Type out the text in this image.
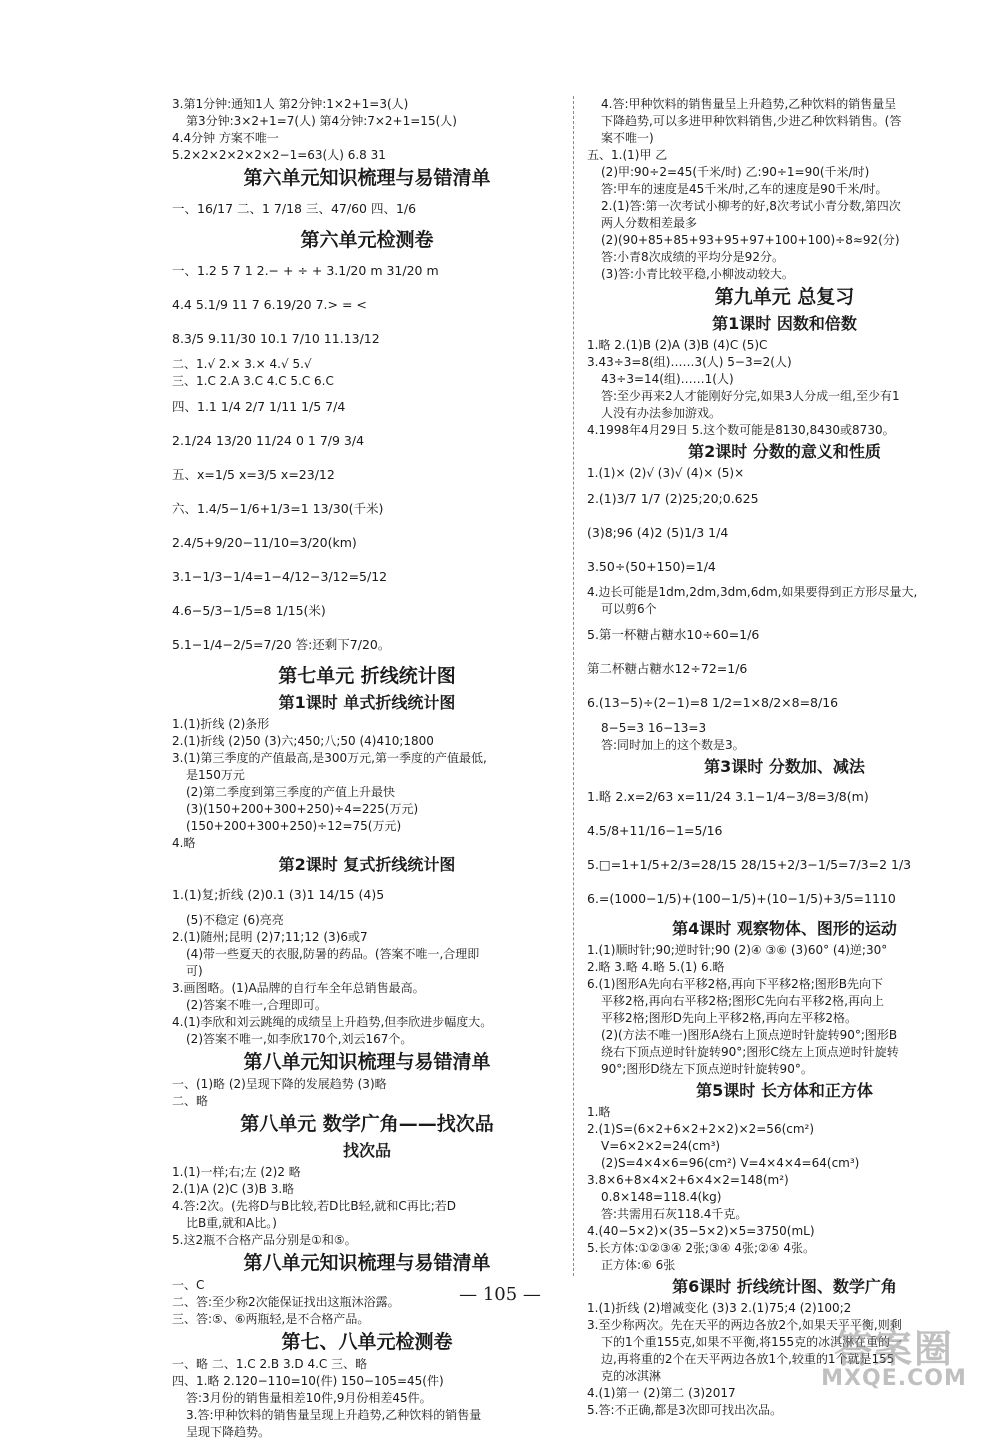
3.第1分钟:通知1人 第2分钟:1×2+1=3(人)
第3分钟:3×2+1=7(人) 第4分钟:7×2+1=15(人)
4.4分钟 方案不唯一
5.2×2×2×2×2×2−1=63(人) 6.8 31
第六单元知识梳理与易错清单
一、16/17 二、1 7/18 三、47/60 四、1/6
第六单元检测卷
一、1.2 5 7 1 2.− + ÷ + 3.1/20 m 31/20 m
4.4 5.1/9 11 7 6.19/20 7.> = <
8.3/5 9.11/30 10.1 7/10 11.13/12
二、1.√ 2.× 3.× 4.√ 5.√
三、1.C 2.A 3.C 4.C 5.C 6.C
四、1.1 1/4 2/7 1/11 1/5 7/4
2.1/24 13/20 11/24 0 1 7/9 3/4
五、x=1/5 x=3/5 x=23/12
六、1.4/5−1/6+1/3=1 13/30(千米)
2.4/5+9/20−11/10=3/20(km)
3.1−1/3−1/4=1−4/12−3/12=5/12
4.6−5/3−1/5=8 1/15(米)
5.1−1/4−2/5=7/20 答:还剩下7/20。
第七单元 折线统计图
第1课时 单式折线统计图
1.(1)折线 (2)条形
2.(1)折线 (2)50 (3)六;450;八;50 (4)410;1800
3.(1)第三季度的产值最高,是300万元,第一季度的产值最低,
是150万元
(2)第二季度到第三季度的产值上升最快
(3)(150+200+300+250)÷4=225(万元)
(150+200+300+250)÷12=75(万元)
4.略
第2课时 复式折线统计图
1.(1)复;折线 (2)0.1 (3)1 14/15 (4)5
(5)不稳定 (6)亮亮
2.(1)随州;昆明 (2)7;11;12 (3)6或7
(4)带一些夏天的衣服,防暑的药品。(答案不唯一,合理即
可)
3.画图略。(1)A品牌的自行车全年总销售最高。
(2)答案不唯一,合理即可。
4.(1)李欣和刘云跳绳的成绩呈上升趋势,但李欣进步幅度大。
(2)答案不唯一,如李欣170个,刘云167个。
第八单元知识梳理与易错清单
一、(1)略 (2)呈现下降的发展趋势 (3)略
二、略
第八单元 数学广角——找次品
找次品
1.(1)一样;右;左 (2)2 略
2.(1)A (2)C (3)B 3.略
4.答:2次。(先将D与B比较,若D比B轻,就和C再比;若D
比B重,就和A比。)
5.这2瓶不合格产品分别是①和⑤。
第八单元知识梳理与易错清单
一、C
二、答:至少称2次能保证找出这瓶沐浴露。
三、答:⑤、⑥两瓶轻,是不合格产品。
第七、八单元检测卷
一、略 二、1.C 2.B 3.D 4.C 三、略
四、1.略 2.120−110=10(件) 150−105=45(件)
答:3月份的销售量相差10件,9月份相差45件。
3.答:甲种饮料的销售量呈现上升趋势,乙种饮料的销售量
呈现下降趋势。
4.答:甲种饮料的销售量呈上升趋势,乙种饮料的销售量呈
下降趋势,可以多进甲种饮料销售,少进乙种饮料销售。(答
案不唯一)
五、1.(1)甲 乙
(2)甲:90÷2=45(千米/时) 乙:90÷1=90(千米/时)
答:甲车的速度是45千米/时,乙车的速度是90千米/时。
2.(1)答:第一次考试小柳考的好,8次考试小青分数,第四次
两人分数相差最多
(2)(90+85+85+93+95+97+100+100)÷8≈92(分)
答:小青8次成绩的平均分是92分。
(3)答:小青比较平稳,小柳波动较大。
第九单元 总复习
第1课时 因数和倍数
1.略 2.(1)B (2)A (3)B (4)C (5)C
3.43÷3=8(组)……3(人) 5−3=2(人)
43÷3=14(组)……1(人)
答:至少再来2人才能刚好分完,如果3人分成一组,至少有1
人没有办法参加游戏。
4.1998年4月29日 5.这个数可能是8130,8430或8730。
第2课时 分数的意义和性质
1.(1)× (2)√ (3)√ (4)× (5)×
2.(1)3/7 1/7 (2)25;20;0.625
(3)8;96 (4)2 (5)1/3 1/4
3.50÷(50+150)=1/4
4.边长可能是1dm,2dm,3dm,6dm,如果要得到正方形尽量大,
可以剪6个
5.第一杯糖占糖水10÷60=1/6
第二杯糖占糖水12÷72=1/6
6.(13−5)÷(2−1)=8 1/2=1×8/2×8=8/16
8−5=3 16−13=3
答:同时加上的这个数是3。
第3课时 分数加、减法
1.略 2.x=2/63 x=11/24 3.1−1/4−3/8=3/8(m)
4.5/8+11/16−1=5/16
5.□=1+1/5+2/3=28/15 28/15+2/3−1/5=7/3=2 1/3
6.=(1000−1/5)+(100−1/5)+(10−1/5)+3/5=1110
第4课时 观察物体、图形的运动
1.(1)顺时针;90;逆时针;90 (2)④ ③⑥ (3)60° (4)逆;30°
2.略 3.略 4.略 5.(1) 6.略
6.(1)图形A先向右平移2格,再向下平移2格;图形B先向下
平移2格,再向右平移2格;图形C先向右平移2格,再向上
平移2格;图形D先向上平移2格,再向左平移2格。
(2)(方法不唯一)图形A绕右上顶点逆时针旋转90°;图形B
绕右下顶点逆时针旋转90°;图形C绕左上顶点逆时针旋转
90°;图形D绕左下顶点逆时针旋转90°。
第5课时 长方体和正方体
1.略
2.(1)S=(6×2+6×2+2×2)×2=56(cm²)
V=6×2×2=24(cm³)
(2)S=4×4×6=96(cm²) V=4×4×4=64(cm³)
3.8×6+8×4×2+6×4×2=148(m²)
0.8×148=118.4(kg)
答:共需用石灰118.4千克。
4.(40−5×2)×(35−5×2)×5=3750(mL)
5.长方体:①②③④ 2张;③④ 4张;②④ 4张。
正方体:⑥ 6张
第6课时 折线统计图、数学广角
1.(1)折线 (2)增减变化 (3)3 2.(1)75;4 (2)100;2
3.至少称两次。先在天平的两边各放2个,如果天平平衡,则剩
下的1个重155克,如果不平衡,将155克的冰淇淋在重的一
边,再将重的2个在天平两边各放1个,较重的1个就是155
克的冰淇淋
4.(1)第一 (2)第二 (3)2017
5.答:不正确,都是3次即可找出次品。
— 105 —
答案圈
MXQE.COM
